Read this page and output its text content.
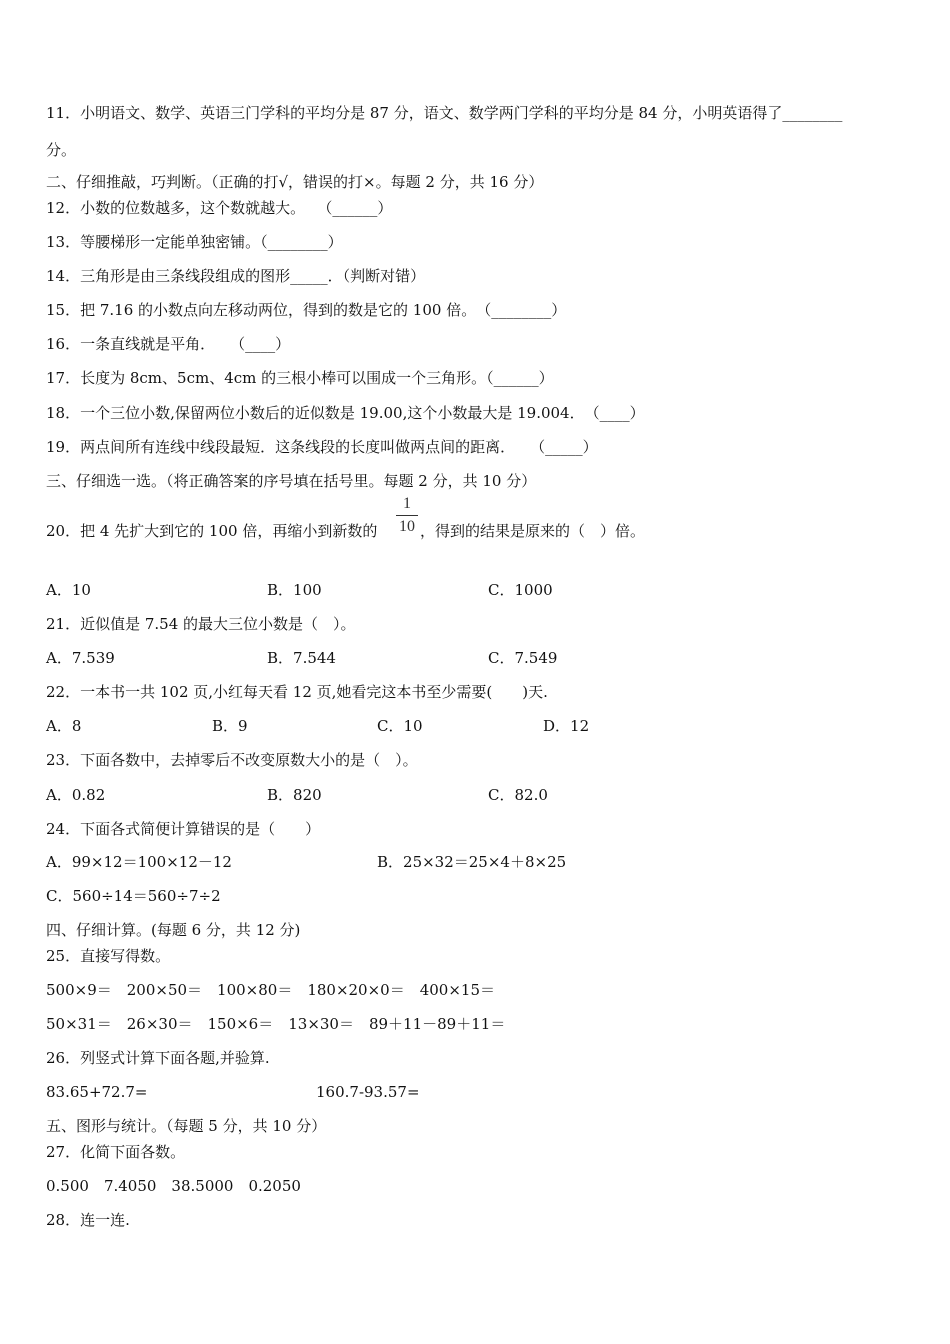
11．小明语文、数学、英语三门学科的平均分是 87 分，语文、数学两门学科的平均分是 84 分，小明英语得了________
分。
二、仔细推敲，巧判断。（正确的打√，错误的打×。每题 2 分，共 16 分）
12．小数的位数越多，这个数就越大。　 （______）
13．等腰梯形一定能单独密铺。（________）
14．三角形是由三条线段组成的图形_____．（判断对错）
15．把 7.16 的小数点向左移动两位，得到的数是它的 100 倍。　（________）
16．一条直线就是平角．　　（____）
17．长度为 8cm、5cm、4cm 的三根小棒可以围成一个三角形。（______）
18．一个三位小数,保留两位小数后的近似数是 19.00,这个小数最大是 19.004．　（____）
19．两点间所有连线中线段最短．这条线段的长度叫做两点间的距离．　　（_____）
三、仔细选一选。（将正确答案的序号填在括号里。每题 2 分，共 10 分）
20．把 4 先扩大到它的 100 倍，再缩小到新数的
1
10 ，得到的结果是原来的（　）倍。
A．10	B．100	C．1000
21．近似值是 7.54 的最大三位小数是（　）。
A．7.539	B．7.544	C．7.549
22．一本书一共 102 页,小红每天看 12 页,她看完这本书至少需要(　　)天.
A．8	B．9	C．10	D．12
23．下面各数中，去掉零后不改变原数大小的是（　）。
A．0.82	B．820	C．82.0
24．下面各式简便计算错误的是（　　）
A．99×12＝100×12－12	B．25×32＝25×4＋8×25
C．560÷14＝560÷7÷2
四、仔细计算。(每题 6 分，共 12 分)
25．直接写得数。
500×9＝　200×50＝　100×80＝　180×20×0＝　400×15＝
50×31＝　26×30＝　150×6＝　13×30＝　89＋11－89＋11＝
26．列竖式计算下面各题,并验算.
83.65+72.7=	160.7-93.57=
五、图形与统计。（每题 5 分，共 10 分）
27．化简下面各数。
0.500　7.4050　38.5000　0.2050
28．连一连.
